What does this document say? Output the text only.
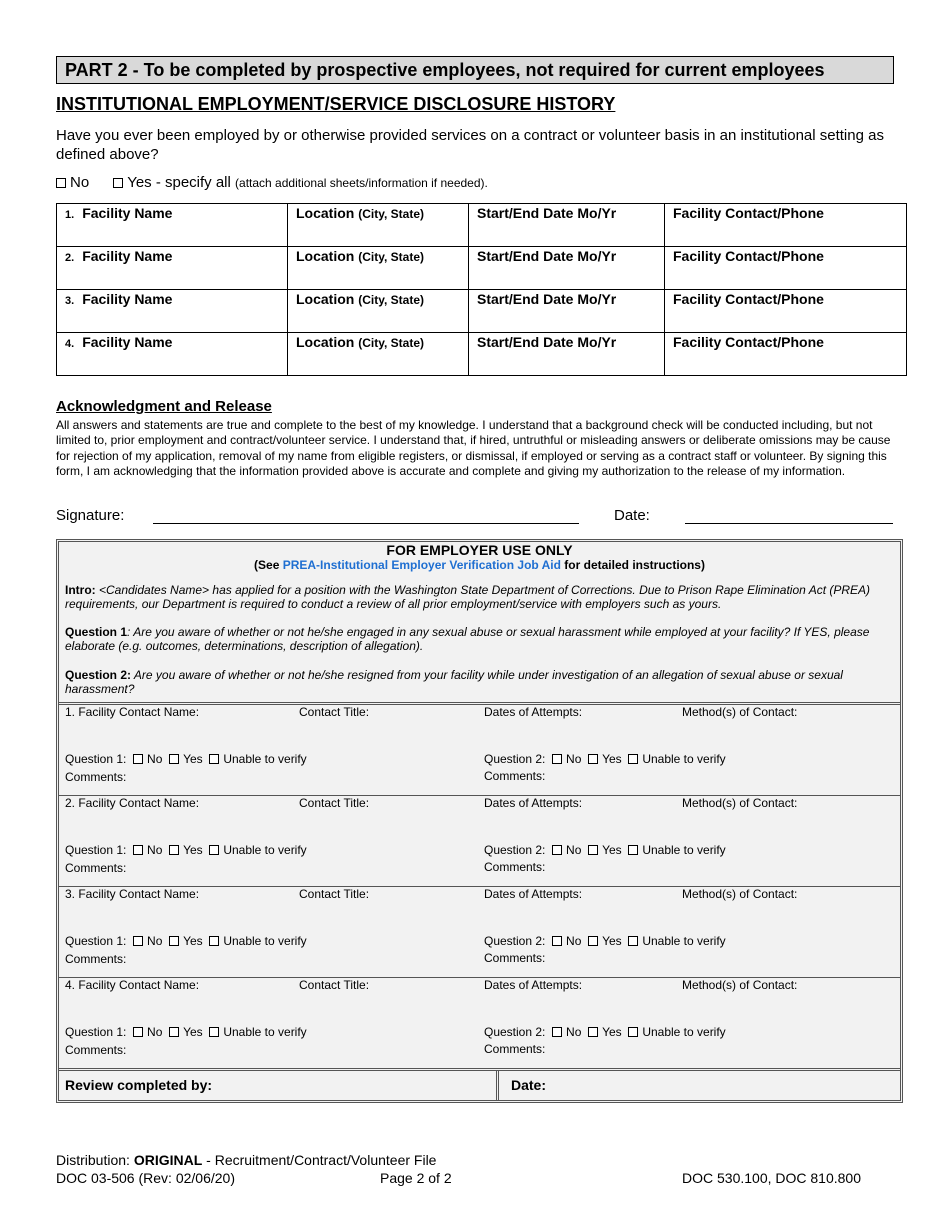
PART 2 - To be completed by prospective employees, not required for current employees
INSTITUTIONAL EMPLOYMENT/SERVICE DISCLOSURE HISTORY
Have you ever been employed by or otherwise provided services on a contract or volunteer basis in an institutional setting as defined above?
No	Yes - specify all (attach additional sheets/information if needed).
1. Facility Name	Location (City, State)	Start/End Date Mo/Yr	Facility Contact/Phone
2. Facility Name	Location (City, State)	Start/End Date Mo/Yr	Facility Contact/Phone
3. Facility Name	Location (City, State)	Start/End Date Mo/Yr	Facility Contact/Phone
4. Facility Name	Location (City, State)	Start/End Date Mo/Yr	Facility Contact/Phone
Acknowledgment and Release
All answers and statements are true and complete to the best of my knowledge. I understand that a background check will be conducted including, but not limited to, prior employment and contract/volunteer service. I understand that, if hired, untruthful or misleading answers or deliberate omissions may be cause for rejection of my application, removal of my name from eligible registers, or dismissal, if employed or serving as a contract staff or volunteer. By signing this form, I am acknowledging that the information provided above is accurate and complete and giving my authorization to the release of my information.
Signature:	Date:
FOR EMPLOYER USE ONLY
(See PREA-Institutional Employer Verification Job Aid for detailed instructions)
Intro: <Candidates Name> has applied for a position with the Washington State Department of Corrections. Due to Prison Rape Elimination Act (PREA) requirements, our Department is required to conduct a review of all prior employment/service with employers such as yours.
Question 1: Are you aware of whether or not he/she engaged in any sexual abuse or sexual harassment while employed at your facility? If YES, please elaborate (e.g. outcomes, determinations, description of allegation).
Question 2: Are you aware of whether or not he/she resigned from your facility while under investigation of an allegation of sexual abuse or sexual harassment?
1. Facility Contact Name:	Contact Title:	Dates of Attempts:	Method(s) of Contact:
Question 1: No Yes Unable to verify	Question 2: No Yes Unable to verify
Comments:	Comments:
2. Facility Contact Name:	Contact Title:	Dates of Attempts:	Method(s) of Contact:
Question 1: No Yes Unable to verify	Question 2: No Yes Unable to verify
Comments:	Comments:
3. Facility Contact Name:	Contact Title:	Dates of Attempts:	Method(s) of Contact:
Question 1: No Yes Unable to verify	Question 2: No Yes Unable to verify
Comments:	Comments:
4. Facility Contact Name:	Contact Title:	Dates of Attempts:	Method(s) of Contact:
Question 1: No Yes Unable to verify	Question 2: No Yes Unable to verify
Comments:	Comments:
Review completed by:	Date:
Distribution: ORIGINAL - Recruitment/Contract/Volunteer File
DOC 03-506 (Rev: 02/06/20)	Page 2 of 2	DOC 530.100, DOC 810.800
